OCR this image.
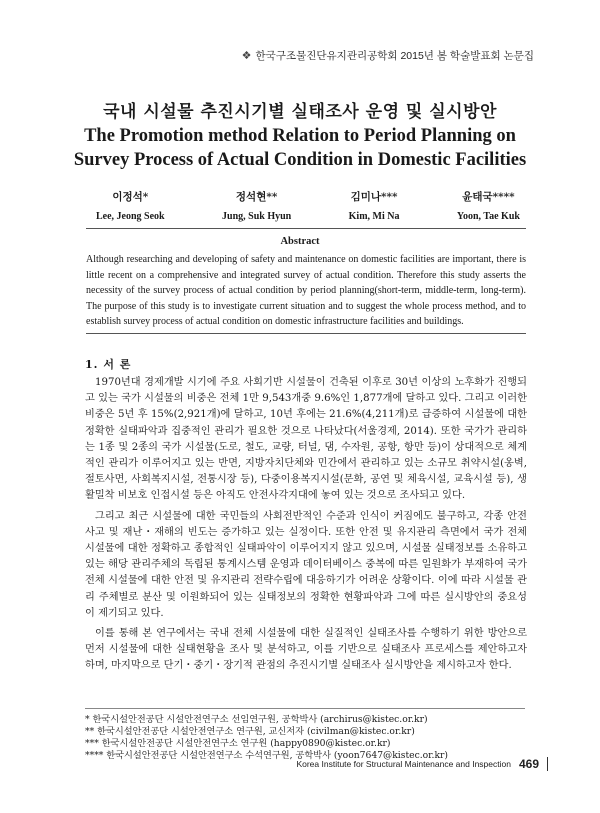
❖ 한국구조물진단유지관리공학회 2015년 봄 학술발표회 논문집
국내 시설물 추진시기별 실태조사 운영 및 실시방안
The Promotion method Relation to Period Planning on
Survey Process of Actual Condition in Domestic Facilities
이정석*
Lee, Jeong Seok
정석현**
Jung, Suk Hyun
김미나***
Kim, Mi Na
윤태국****
Yoon, Tae Kuk
Abstract
Although researching and developing of safety and maintenance on domestic facilities are important, there is little recent on a comprehensive and integrated survey of actual condition. Therefore this study asserts the necessity of the survey process of actual condition by period planning(short-term, middle-term, long-term). The purpose of this study is to investigate current situation and to suggest the whole process method, and to establish survey process of actual condition on domestic infrastructure facilities and buildings.
1. 서 론

1970년대 경제개발 시기에 주요 사회기반 시설물이 건축된 이후로 30년 이상의 노후화가 진행되고 있는 국가 시설물의 비중은 전체 1만 9,543개중 9.6%인 1,877개에 달하고 있다. 그리고 이러한 비중은 5년 후 15%(2,921개)에 달하고, 10년 후에는 21.6%(4,211개)로 급증하여 시설물에 대한 정확한 실태파악과 집중적인 관리가 필요한 것으로 나타났다(서울경제, 2014). 또한 국가가 관리하는 1종 및 2종의 국가 시설물(도로, 철도, 교량, 터널, 댐, 수자원, 공항, 항만 등)이 상대적으로 체계적인 관리가 이루어지고 있는 반면, 지방자치단체와 민간에서 관리하고 있는 소규모 취약시설(옹벽, 절토사면, 사회복지시설, 전통시장 등), 다중이용복지시설(문화, 공연 및 체육시설, 교육시설 등), 생활밀착 비보호 인접시설 등은 아직도 안전사각지대에 놓여 있는 것으로 조사되고 있다.

그리고 최근 시설물에 대한 국민들의 사회전반적인 수준과 인식이 커짐에도 불구하고, 각종 안전사고 및 재난・재해의 빈도는 증가하고 있는 실정이다. 또한 안전 및 유지관리 측면에서 국가 전체 시설물에 대한 정확하고 종합적인 실태파악이 이루어지지 않고 있으며, 시설물 실태정보를 소유하고 있는 해당 관리주체의 독립된 통계시스템 운영과 데이터베이스 중복에 따른 일원화가 부재하여 국가 전체 시설물에 대한 안전 및 유지관리 전략수립에 대응하기가 어려운 상황이다. 이에 따라 시설물 관리 주체별로 분산 및 이원화되어 있는 실태정보의 정확한 현황파악과 그에 따른 실시방안의 중요성이 제기되고 있다.

이를 통해 본 연구에서는 국내 전체 시설물에 대한 실질적인 실태조사를 수행하기 위한 방안으로 먼저 시설물에 대한 실태현황을 조사 및 분석하고, 이를 기반으로 실태조사 프로세스를 제안하고자 하며, 마지막으로 단기・중기・장기적 관점의 추진시기별 실태조사 실시방안을 제시하고자 한다.

* 한국시설안전공단 시설안전연구소 선임연구원, 공학박사 (archirus@kistec.or.kr)
** 한국시설안전공단 시설안전연구소 연구원, 교신저자 (civilman@kistec.or.kr)
*** 한국시설안전공단 시설안전연구소 연구원 (happy0890@kistec.or.kr)
**** 한국시설안전공단 시설안전연구소 수석연구원, 공학박사 (yoon7647@kistec.or.kr)
Korea Institute for Structural Maintenance and Inspection 469
